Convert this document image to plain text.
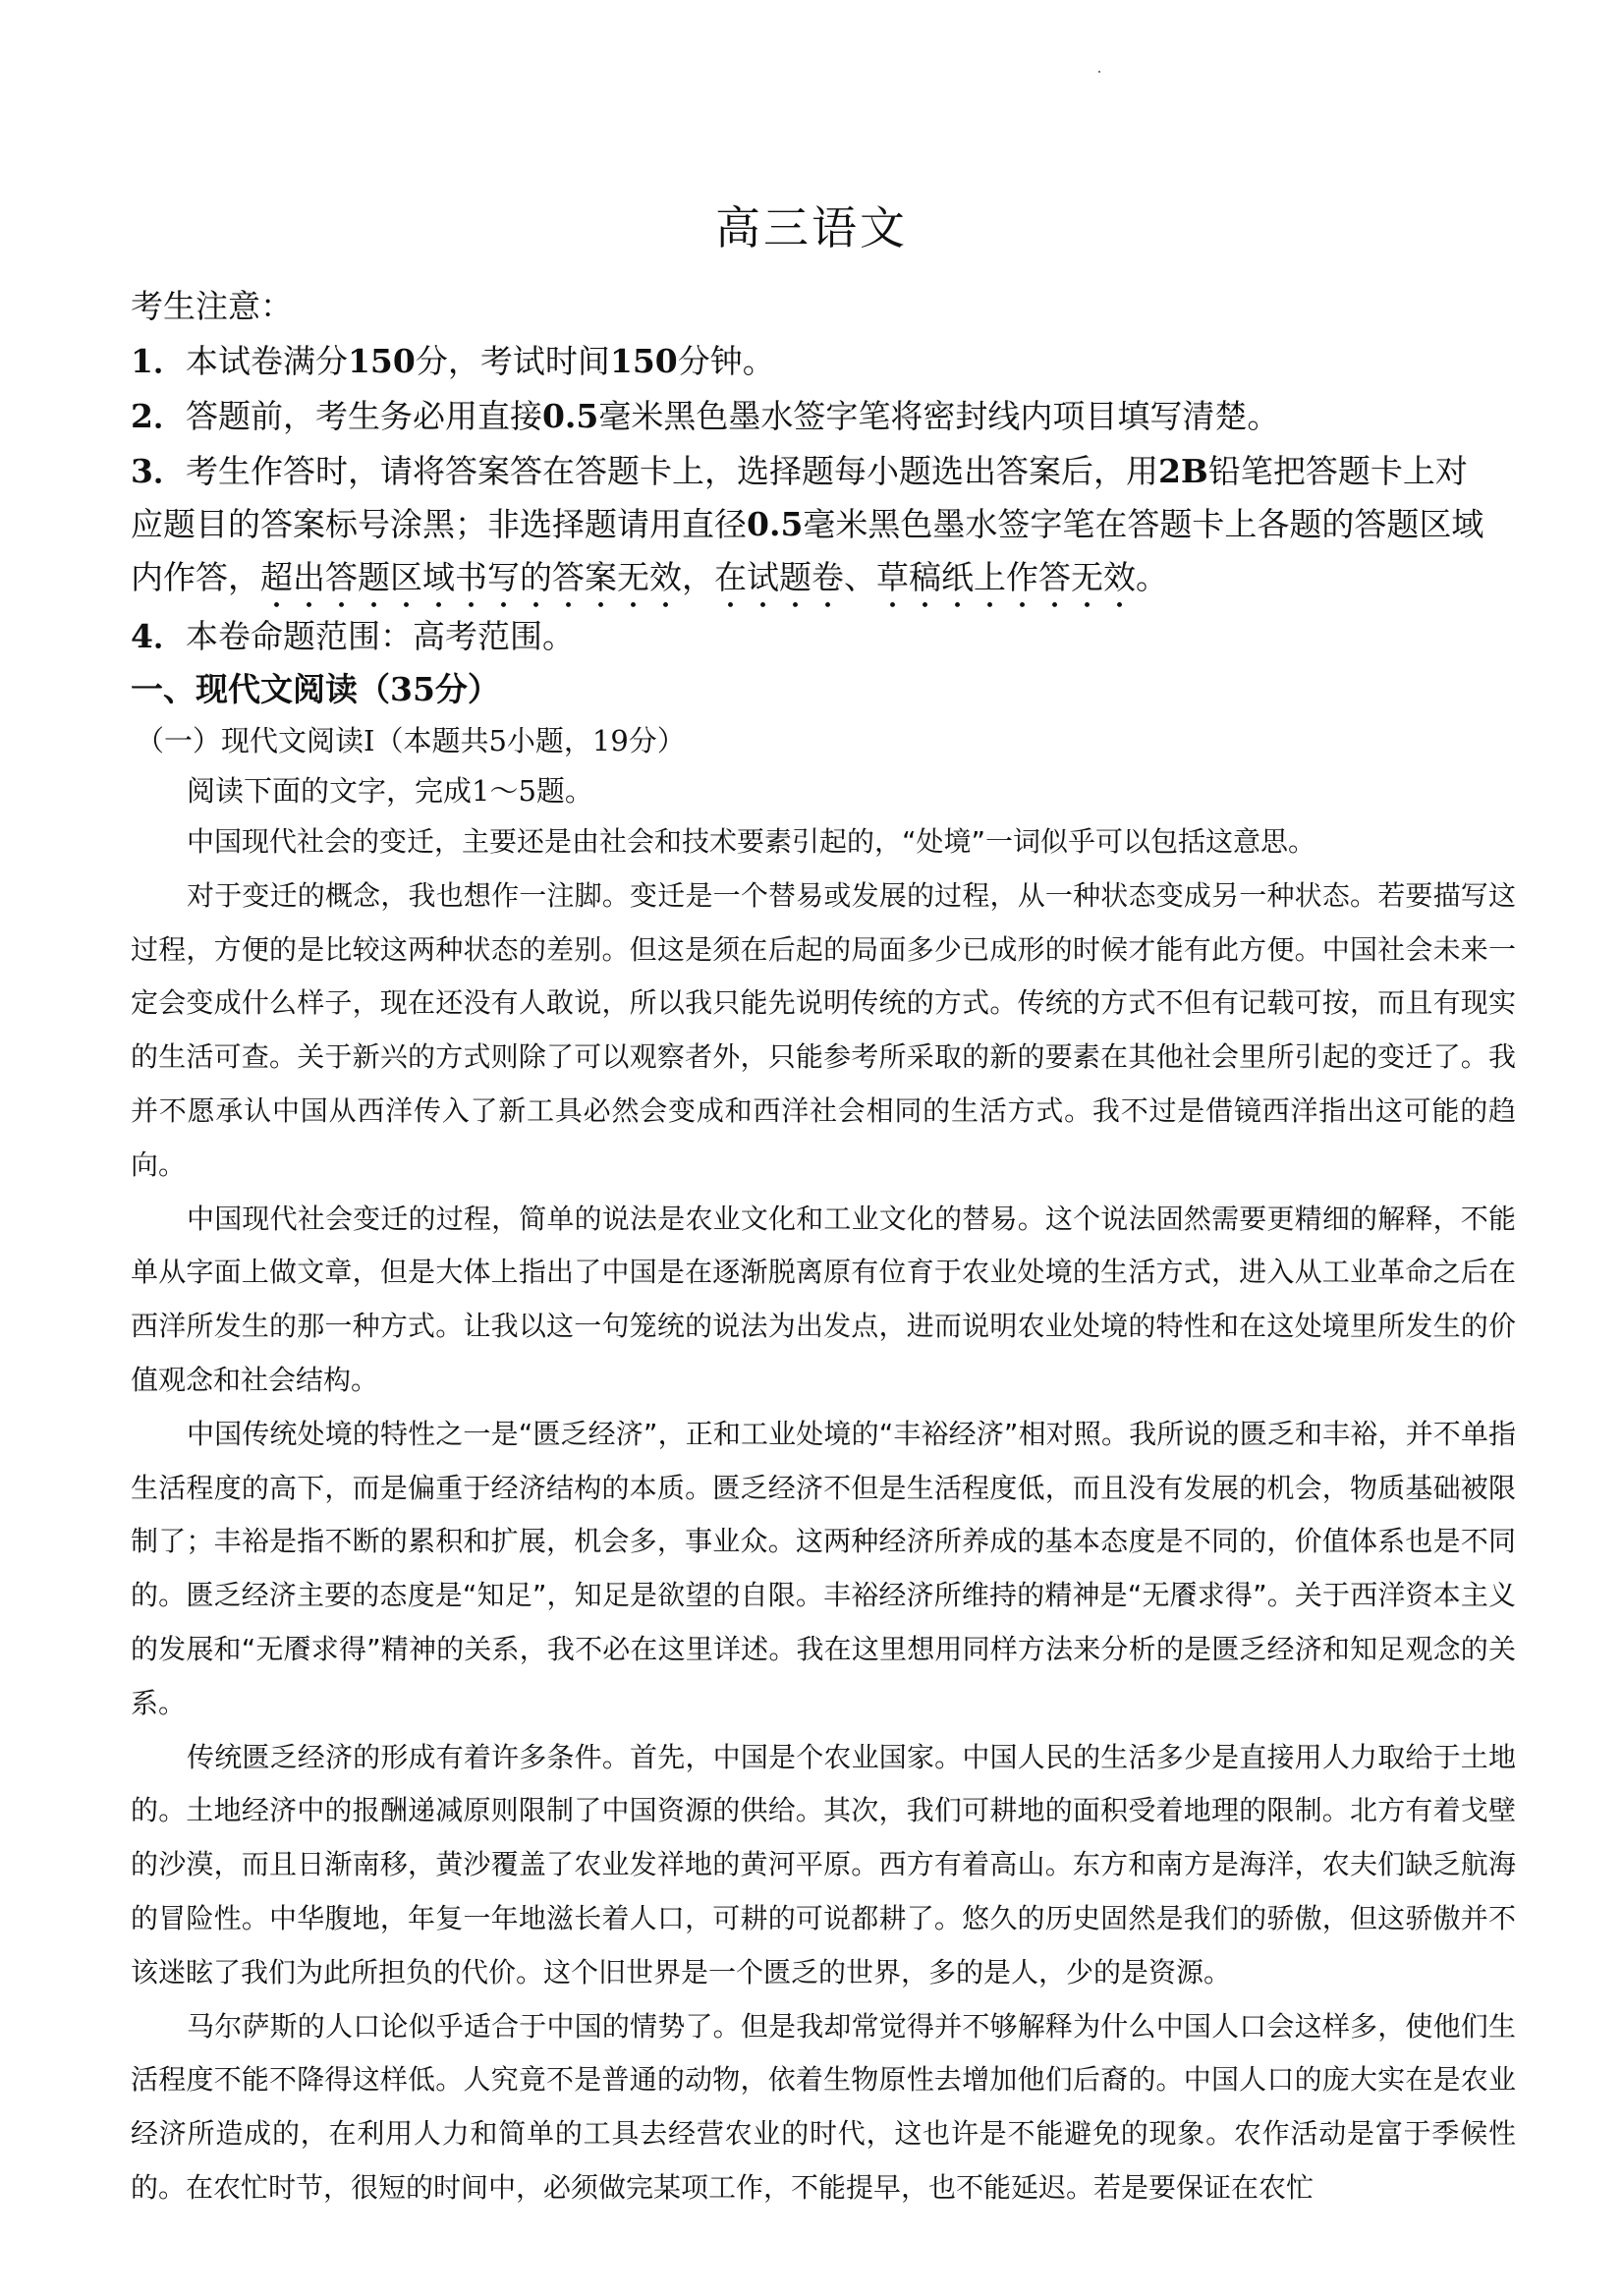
高三语文
考生注意：
1．本试卷满分150分，考试时间150分钟。
2．答题前，考生务必用直接0.5毫米黑色墨水签字笔将密封线内项目填写清楚。
3．考生作答时，请将答案答在答题卡上，选择题每小题选出答案后，用2B铅笔把答题卡上对
应题目的答案标号涂黑；非选择题请用直径0.5毫米黑色墨水签字笔在答题卡上各题的答题区域
内作答，超出答题区域书写的答案无效，在试题卷、草稿纸上作答无效。
4．本卷命题范围：高考范围。
一、现代文阅读（35分）
（一）现代文阅读Ⅰ（本题共5小题，19分）
阅读下面的文字，完成1～5题。

中国现代社会的变迁，主要还是由社会和技术要素引起的，“处境”一词似乎可以包括这意思。

对于变迁的概念，我也想作一注脚。变迁是一个替易或发展的过程，从一种状态变成另一种状态。若要描写这过程，方便的是比较这两种状态的差别。但这是须在后起的局面多少已成形的时候才能有此方便。中国社会未来一定会变成什么样子，现在还没有人敢说，所以我只能先说明传统的方式。传统的方式不但有记载可按，而且有现实的生活可查。关于新兴的方式则除了可以观察者外，只能参考所采取的新的要素在其他社会里所引起的变迁了。我并不愿承认中国从西洋传入了新工具必然会变成和西洋社会相同的生活方式。我不过是借镜西洋指出这可能的趋向。

中国现代社会变迁的过程，简单的说法是农业文化和工业文化的替易。这个说法固然需要更精细的解释，不能单从字面上做文章，但是大体上指出了中国是在逐渐脱离原有位育于农业处境的生活方式，进入从工业革命之后在西洋所发生的那一种方式。让我以这一句笼统的说法为出发点，进而说明农业处境的特性和在这处境里所发生的价值观念和社会结构。

中国传统处境的特性之一是“匮乏经济”，正和工业处境的“丰裕经济”相对照。我所说的匮乏和丰裕，并不单指生活程度的高下，而是偏重于经济结构的本质。匮乏经济不但是生活程度低，而且没有发展的机会，物质基础被限制了；丰裕是指不断的累积和扩展，机会多，事业众。这两种经济所养成的基本态度是不同的，价值体系也是不同的。匮乏经济主要的态度是“知足”，知足是欲望的自限。丰裕经济所维持的精神是“无餍求得”。关于西洋资本主义的发展和“无餍求得”精神的关系，我不必在这里详述。我在这里想用同样方法来分析的是匮乏经济和知足观念的关系。

传统匮乏经济的形成有着许多条件。首先，中国是个农业国家。中国人民的生活多少是直接用人力取给于土地的。土地经济中的报酬递减原则限制了中国资源的供给。其次，我们可耕地的面积受着地理的限制。北方有着戈壁的沙漠，而且日渐南移，黄沙覆盖了农业发祥地的黄河平原。西方有着高山。东方和南方是海洋，农夫们缺乏航海的冒险性。中华腹地，年复一年地滋长着人口，可耕的可说都耕了。悠久的历史固然是我们的骄傲，但这骄傲并不该迷眩了我们为此所担负的代价。这个旧世界是一个匮乏的世界，多的是人，少的是资源。

马尔萨斯的人口论似乎适合于中国的情势了。但是我却常觉得并不够解释为什么中国人口会这样多，使他们生活程度不能不降得这样低。人究竟不是普通的动物，依着生物原性去增加他们后裔的。中国人口的庞大实在是农业经济所造成的，在利用人力和简单的工具去经营农业的时代，这也许是不能避免的现象。农作活动是富于季候性的。在农忙时节，很短的时间中，必须做完某项工作，不能提早，也不能延迟。若是要保证在农忙
